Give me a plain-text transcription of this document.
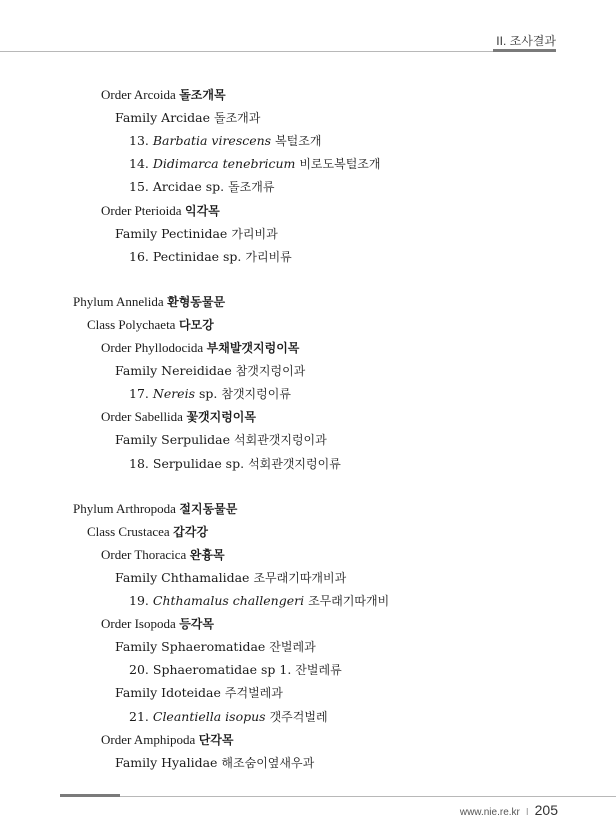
II. 조사결과
Order Arcoida 돌조개목
Family Arcidae 돌조개과
13. Barbatia virescens 복털조개
14. Didimarca tenebricum 비로도복털조개
15. Arcidae sp. 돌조개류
Order Pterioida 익각목
Family Pectinidae 가리비과
16. Pectinidae sp. 가리비류
Phylum Annelida 환형동물문
Class Polychaeta 다모강
Order Phyllodocida 부채발갯지렁이목
Family Nereididae 참갯지렁이과
17. Nereis sp. 참갯지렁이류
Order Sabellida 꽃갯지렁이목
Family Serpulidae 석회관갯지렁이과
18. Serpulidae sp. 석회관갯지렁이류
Phylum Arthropoda 절지동물문
Class Crustacea 갑각강
Order Thoracica 완흉목
Family Chthamalidae 조무래기따개비과
19. Chthamalus challengeri 조무래기따개비
Order Isopoda 등각목
Family Sphaeromatidae 잔벌레과
20. Sphaeromatidae sp 1. 잔벌레류
Family Idoteidae 주걱벌레과
21. Cleantiella isopus 갯주걱벌레
Order Amphipoda 단각목
Family Hyalidae 해조숨이옆새우과
www.nie.re.kr I 205
